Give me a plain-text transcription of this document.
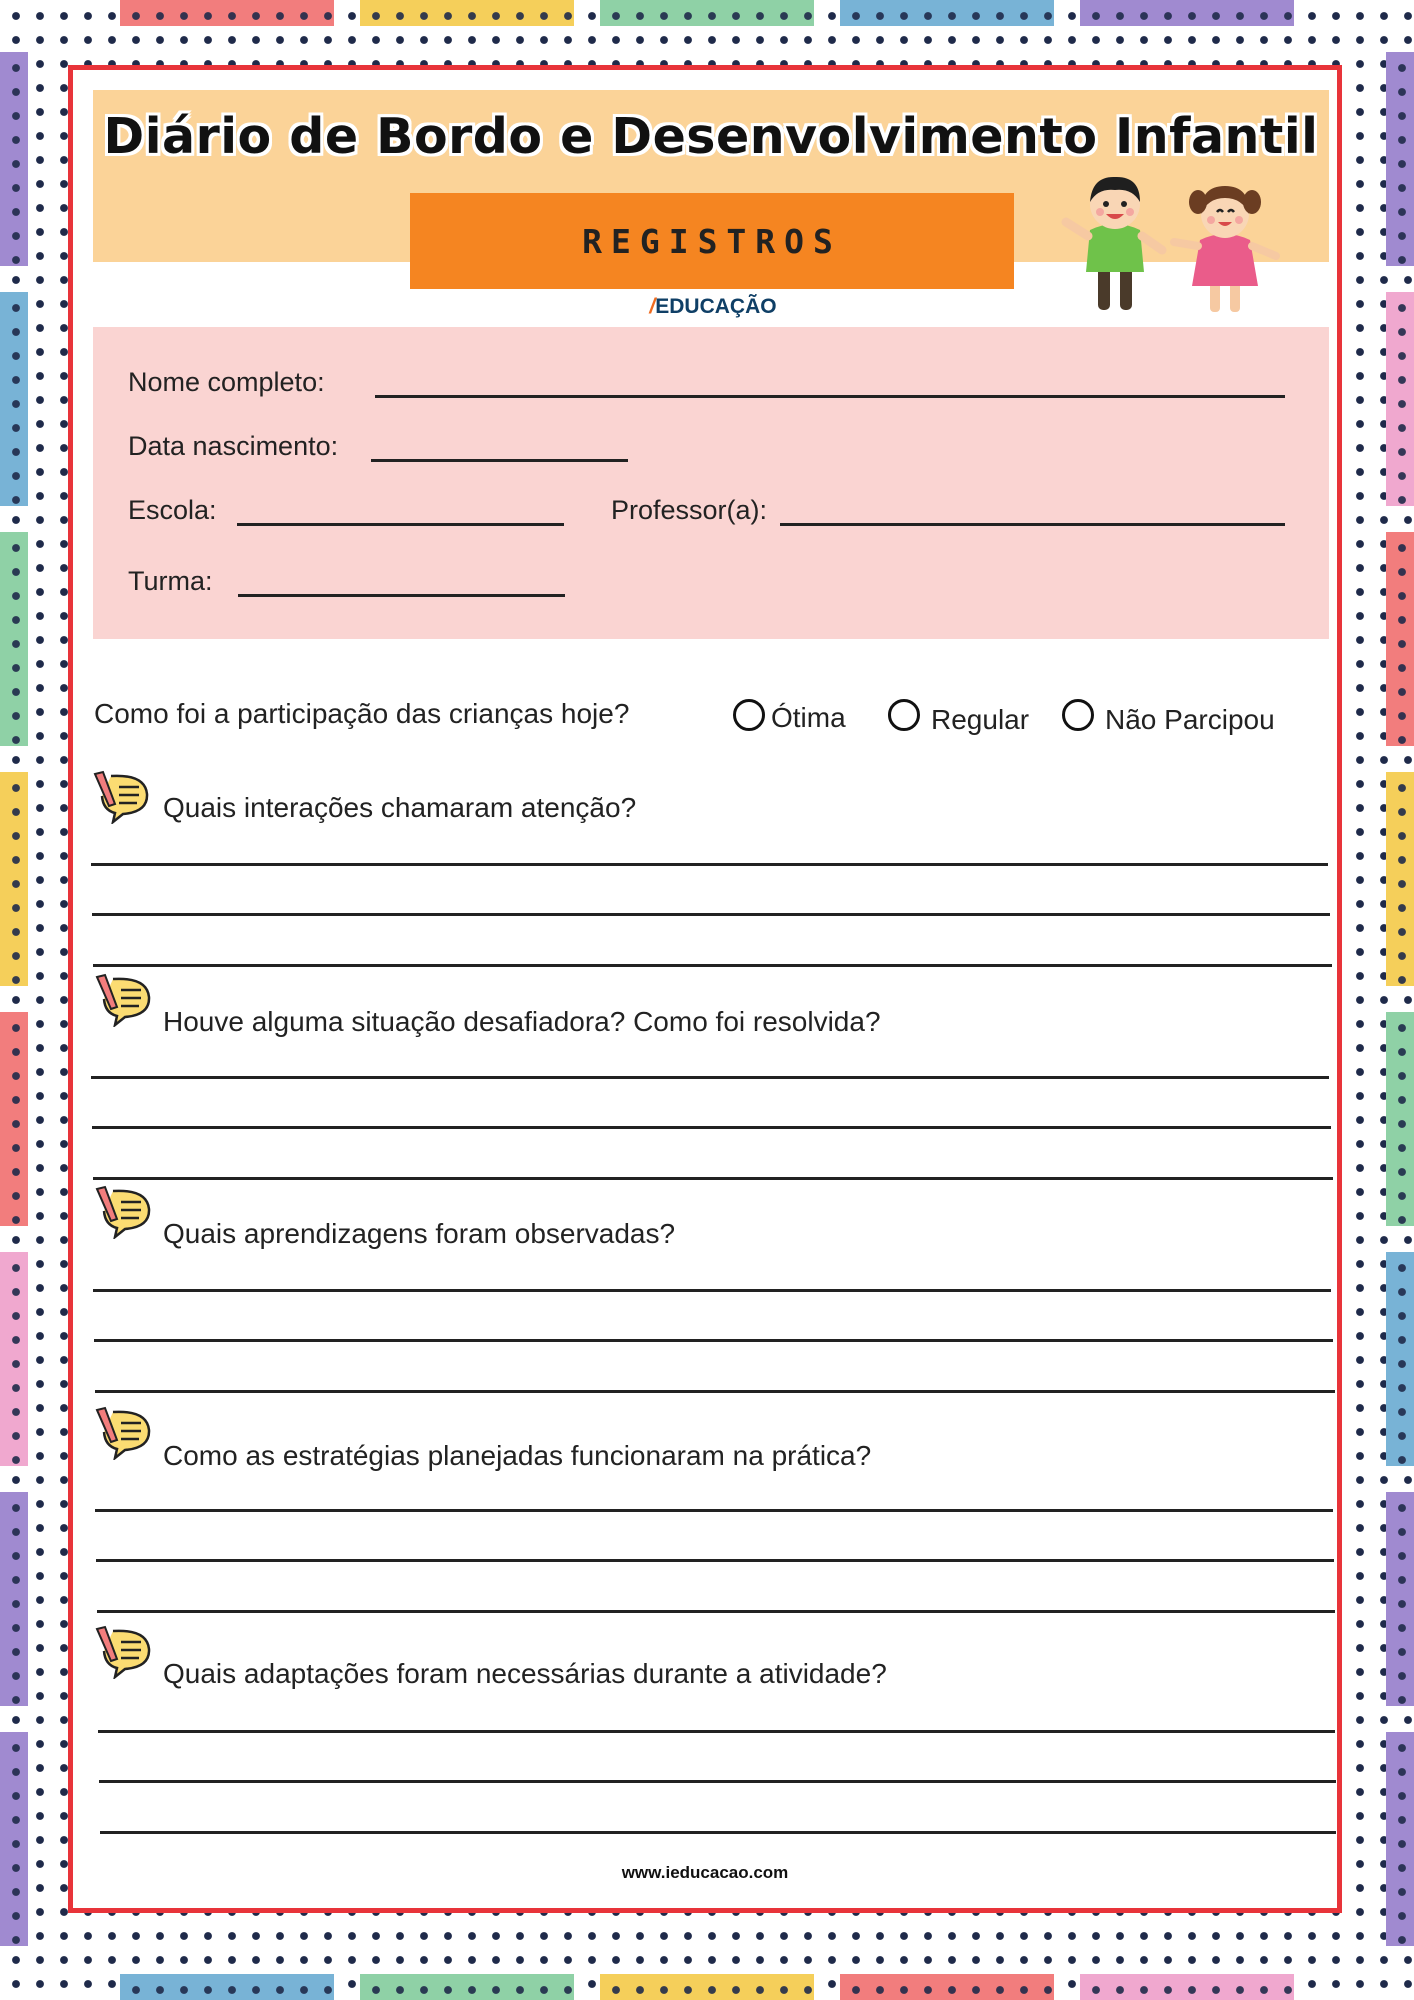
Diário de Bordo e Desenvolvimento Infantil
REGISTROS
/EDUCAÇÃO
Nome completo:
Data nascimento:
Escola:	Professor(a):
Turma:
Como foi a participação das crianças hoje?	Ótima	Regular	Não Parcipou
Quais interações chamaram atenção?
Houve alguma situação desafiadora? Como foi resolvida?
Quais aprendizagens foram observadas?
Como as estratégias planejadas funcionaram na prática?
Quais adaptações foram necessárias durante a atividade?
www.ieducacao.com
